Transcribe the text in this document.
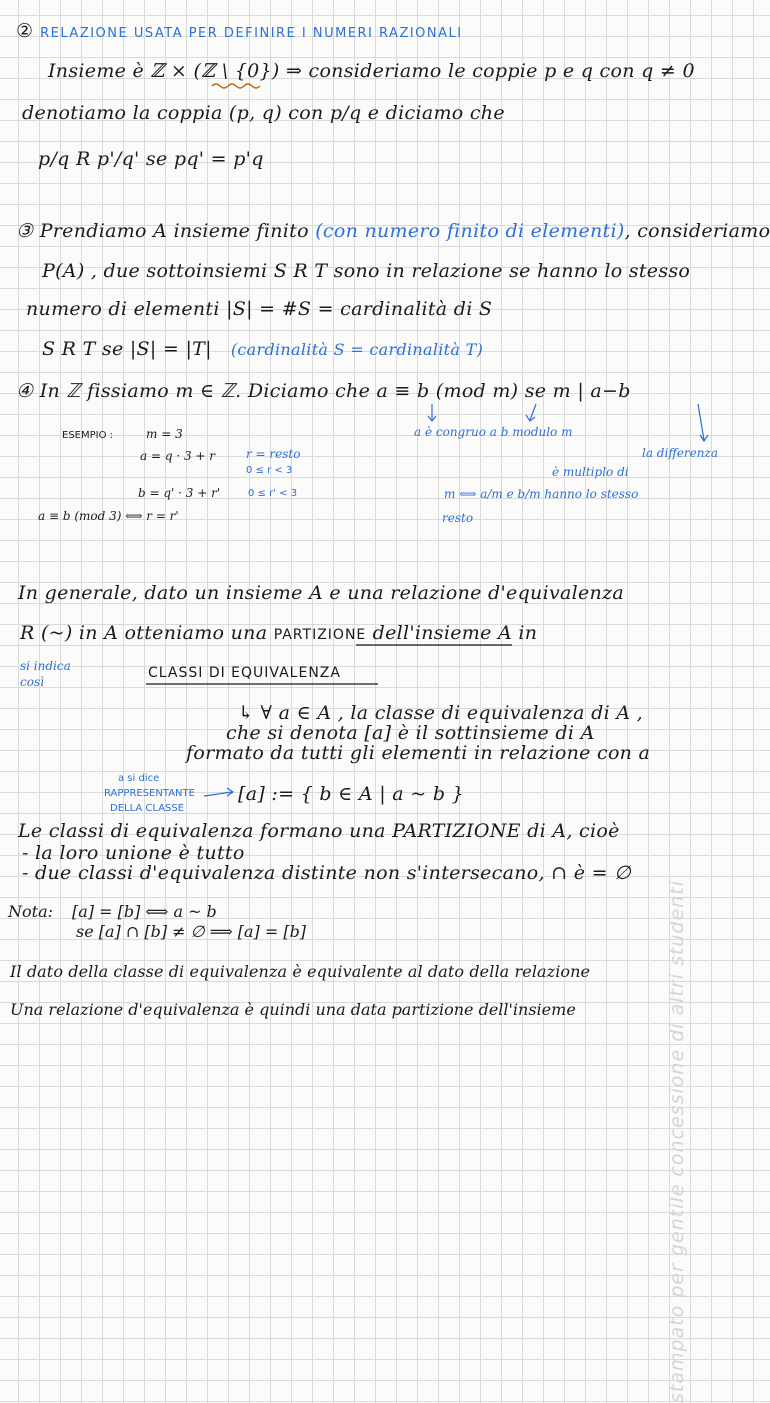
stampato per gentile concessione di altri studenti
② RELAZIONE USATA PER DEFINIRE I NUMERI RAZIONALI
Insieme è ℤ × (ℤ \ {0}) ⇒ consideriamo le coppie p e q con q ≠ 0
denotiamo la coppia (p, q) con p/q e diciamo che
p/q R p'/q' se pq' = p'q
③ Prendiamo A insieme finito (con numero finito di elementi), consideriamo
P(A) , due sottoinsiemi S R T sono in relazione se hanno lo stesso
numero di elementi |S| = #S = cardinalità di S
S R T se |S| = |T| (cardinalità S = cardinalità T)
④ In ℤ fissiamo m ∈ ℤ. Diciamo che a ≡ b (mod m) se m | a−b
ESEMPIO :	m = 3
a = q · 3 + r	r = resto
0 ≤ r < 3
b = q' · 3 + r'	0 ≤ r' < 3
a ≡ b (mod 3) ⟺ r = r'
a è congruo a b modulo m
la differenza
è multiplo di
m ⟺ a/m e b/m hanno lo stesso
resto
In generale, dato un insieme A e una relazione d'equivalenza
R (~) in A otteniamo una PARTIZIONE dell'insieme A in
si indica
così
CLASSI DI EQUIVALENZA
↳ ∀ a ∈ A , la classe di equivalenza di A ,
che si denota [a] è il sottinsieme di A
formato da tutti gli elementi in relazione con a
a si dice
RAPPRESENTANTE
DELLA CLASSE
[a] := { b ∈ A | a ~ b }
Le classi di equivalenza formano una PARTIZIONE di A, cioè
- la loro unione è tutto
- due classi d'equivalenza distinte non s'intersecano, ∩ è = ∅
Nota: [a] = [b] ⟺ a ~ b
se [a] ∩ [b] ≠ ∅ ⟹ [a] = [b]
Il dato della classe di equivalenza è equivalente al dato della relazione
Una relazione d'equivalenza è quindi una data partizione dell'insieme
